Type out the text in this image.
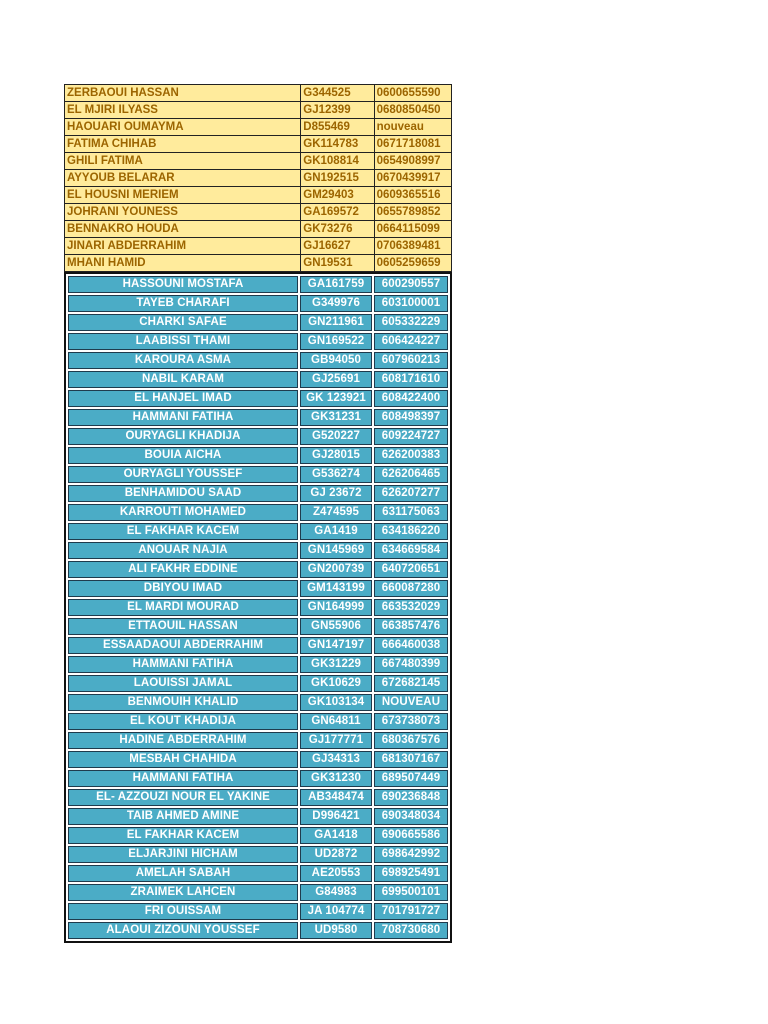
ZERBAOUI HASSAN	G344525	0600655590
EL MJIRI ILYASS	GJ12399	0680850450
HAOUARI OUMAYMA	D855469	nouveau
FATIMA CHIHAB	GK114783	0671718081
GHILI FATIMA	GK108814	0654908997
AYYOUB BELARAR	GN192515	0670439917
EL HOUSNI MERIEM	GM29403	0609365516
JOHRANI YOUNESS	GA169572	0655789852
BENNAKRO HOUDA	GK73276	0664115099
JINARI ABDERRAHIM	GJ16627	0706389481
MHANI HAMID	GN19531	0605259659
HASSOUNI MOSTAFA	GA161759	600290557
TAYEB CHARAFI	G349976	603100001
CHARKI SAFAE	GN211961	605332229
LAABISSI THAMI	GN169522	606424227
KAROURA ASMA	GB94050	607960213
NABIL KARAM	GJ25691	608171610
EL HANJEL IMAD	GK 123921	608422400
HAMMANI FATIHA	GK31231	608498397
OURYAGLI KHADIJA	G520227	609224727
BOUIA AICHA	GJ28015	626200383
OURYAGLI YOUSSEF	G536274	626206465
BENHAMIDOU SAAD	GJ 23672	626207277
KARROUTI MOHAMED	Z474595	631175063
EL FAKHAR KACEM	GA1419	634186220
ANOUAR NAJIA	GN145969	634669584
ALI FAKHR EDDINE	GN200739	640720651
DBIYOU IMAD	GM143199	660087280
EL MARDI MOURAD	GN164999	663532029
ETTAOUIL HASSAN	GN55906	663857476
ESSAADAOUI ABDERRAHIM	GN147197	666460038
HAMMANI FATIHA	GK31229	667480399
LAOUISSI JAMAL	GK10629	672682145
BENMOUIH KHALID	GK103134	NOUVEAU
EL KOUT KHADIJA	GN64811	673738073
HADINE ABDERRAHIM	GJ177771	680367576
MESBAH CHAHIDA	GJ34313	681307167
HAMMANI FATIHA	GK31230	689507449
EL- AZZOUZI NOUR EL YAKINE	AB348474	690236848
TAIB AHMED AMINE	D996421	690348034
EL FAKHAR KACEM	GA1418	690665586
ELJARJINI HICHAM	UD2872	698642992
AMELAH SABAH	AE20553	698925491
ZRAIMEK LAHCEN	G84983	699500101
FRI OUISSAM	JA 104774	701791727
ALAOUI ZIZOUNI YOUSSEF	UD9580	708730680
